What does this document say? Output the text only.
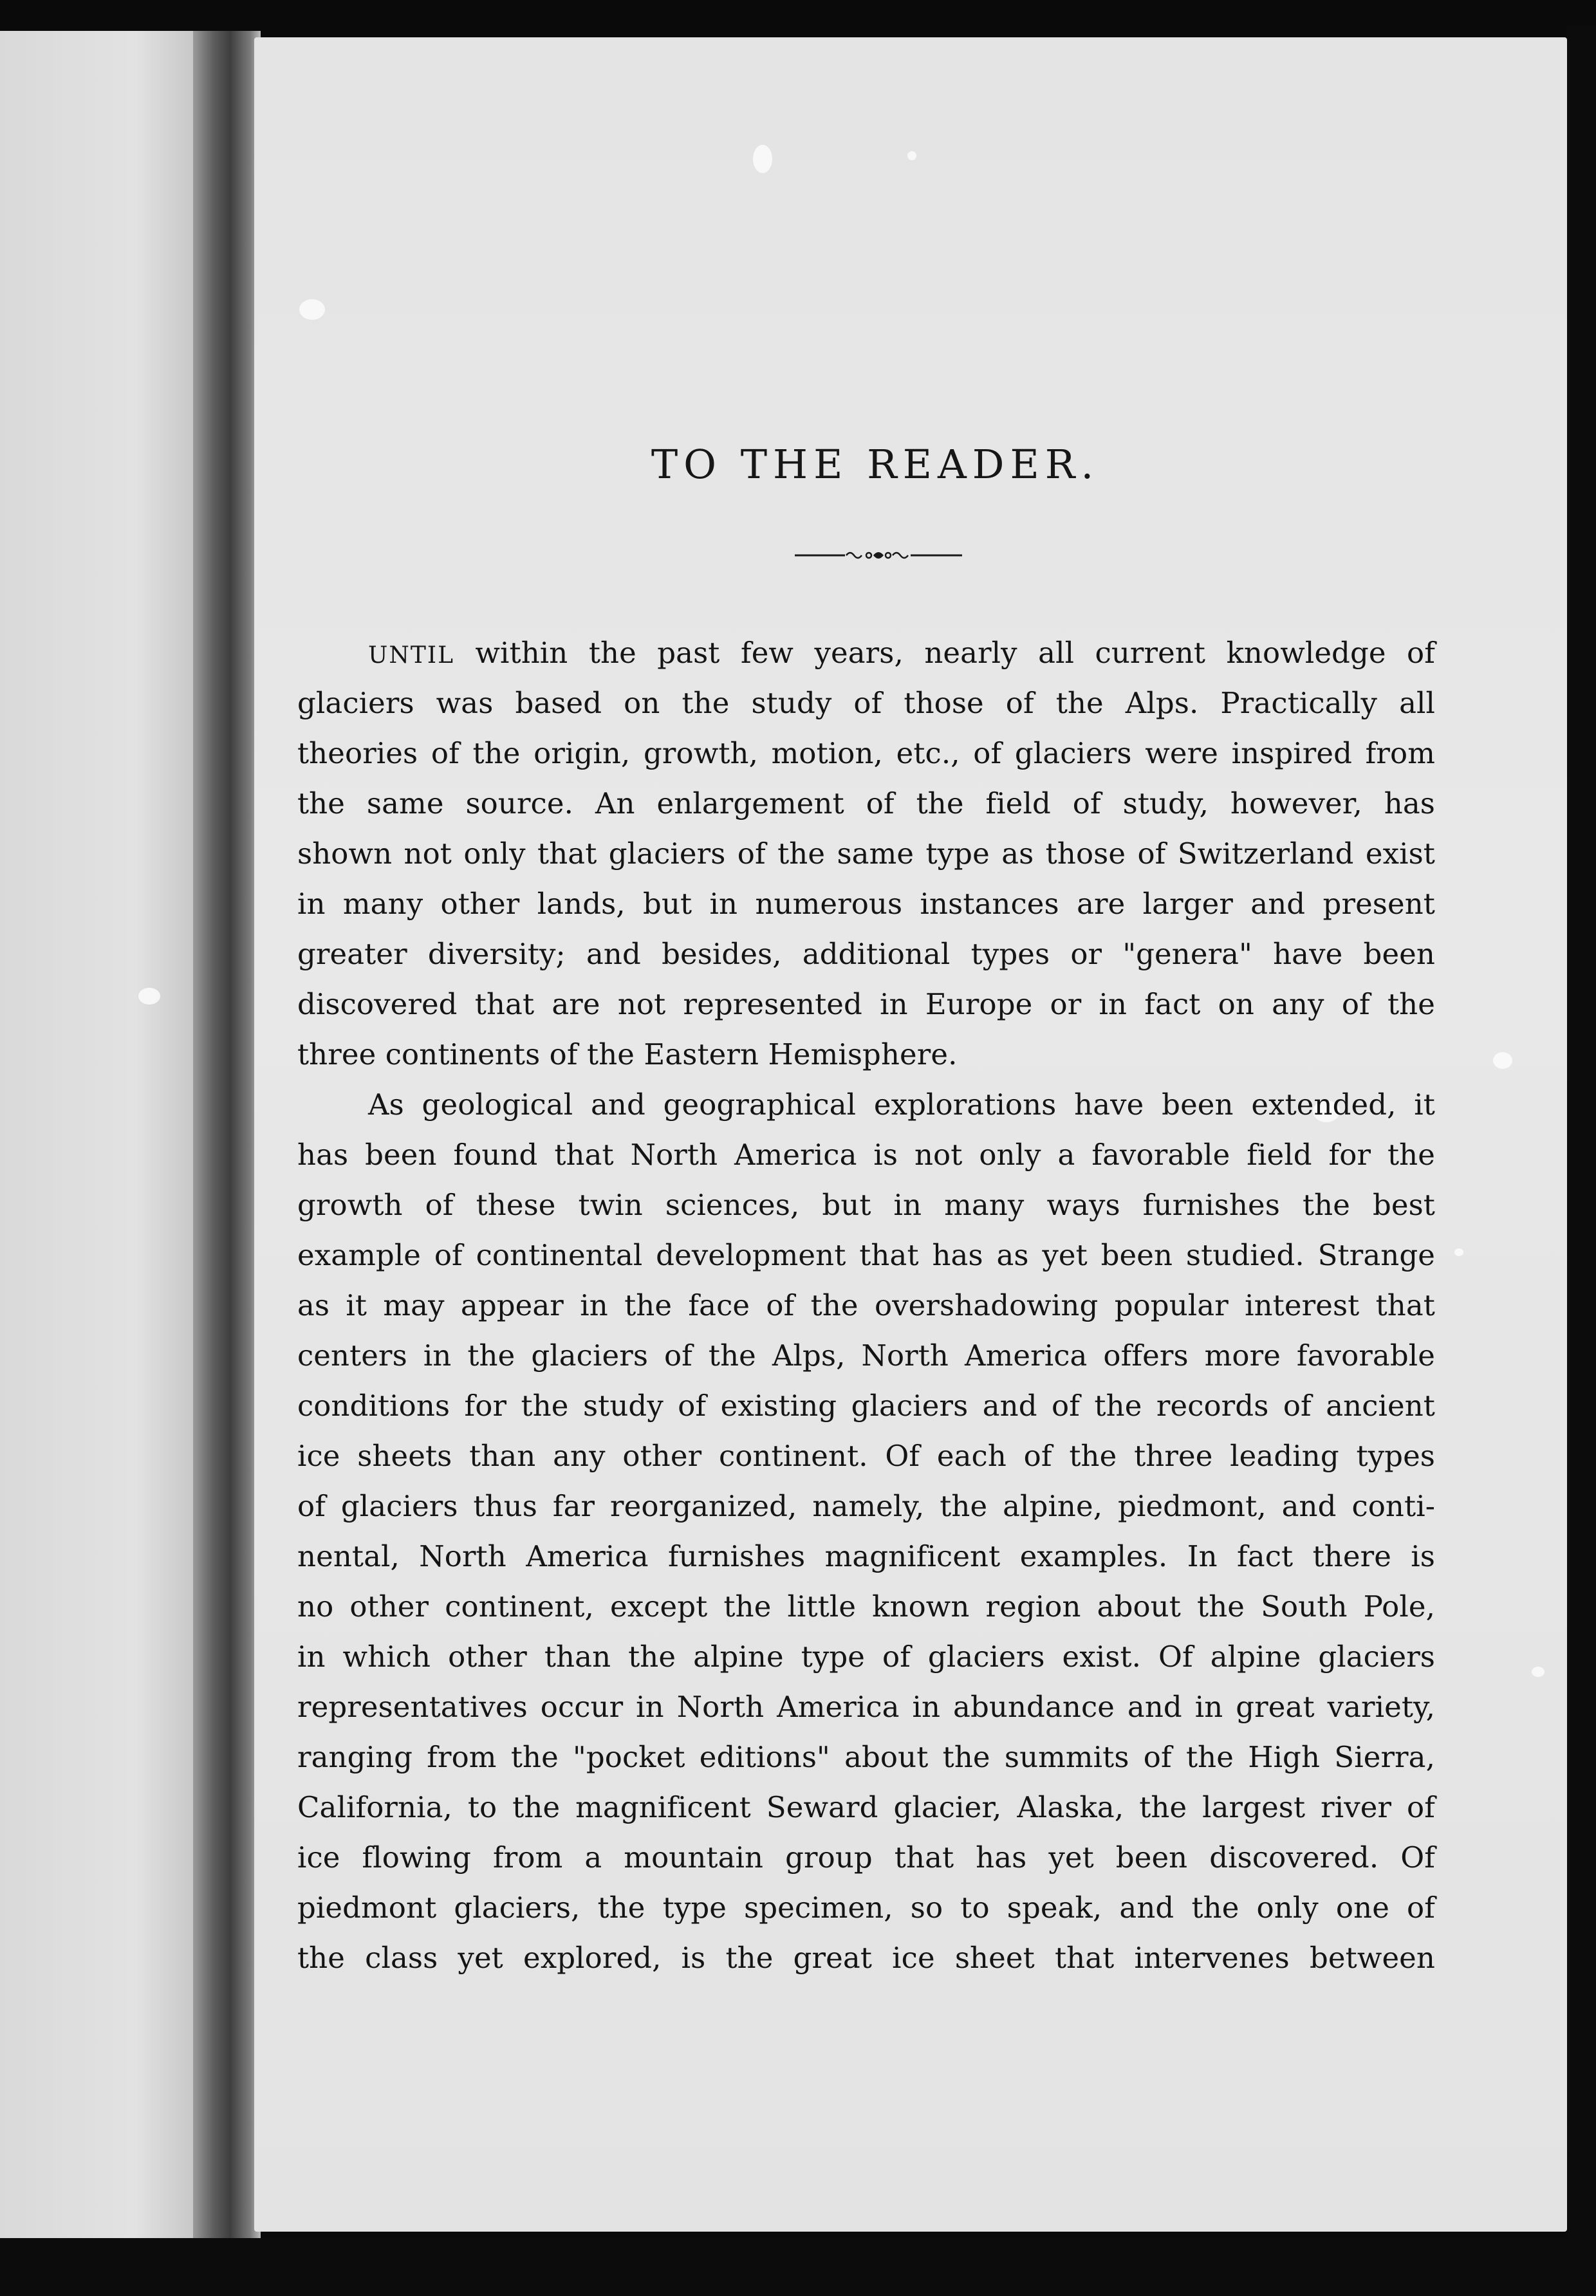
TO THE READER.
UNTIL within the past few years, nearly all current knowledge of
glaciers was based on the study of those of the Alps. Practically all
theories of the origin, growth, motion, etc., of glaciers were inspired from
the same source. An enlargement of the field of study, however, has
shown not only that glaciers of the same type as those of Switzerland exist
in many other lands, but in numerous instances are larger and present
greater diversity; and besides, additional types or "genera" have been
discovered that are not represented in Europe or in fact on any of the
three continents of the Eastern Hemisphere.
As geological and geographical explorations have been extended, it
has been found that North America is not only a favorable field for the
growth of these twin sciences, but in many ways furnishes the best
example of continental development that has as yet been studied. Strange
as it may appear in the face of the overshadowing popular interest that
centers in the glaciers of the Alps, North America offers more favorable
conditions for the study of existing glaciers and of the records of ancient
ice sheets than any other continent. Of each of the three leading types
of glaciers thus far reorganized, namely, the alpine, piedmont, and conti-
nental, North America furnishes magnificent examples. In fact there is
no other continent, except the little known region about the South Pole,
in which other than the alpine type of glaciers exist. Of alpine glaciers
representatives occur in North America in abundance and in great variety,
ranging from the "pocket editions" about the summits of the High Sierra,
California, to the magnificent Seward glacier, Alaska, the largest river of
ice flowing from a mountain group that has yet been discovered. Of
piedmont glaciers, the type specimen, so to speak, and the only one of
the class yet explored, is the great ice sheet that intervenes between
